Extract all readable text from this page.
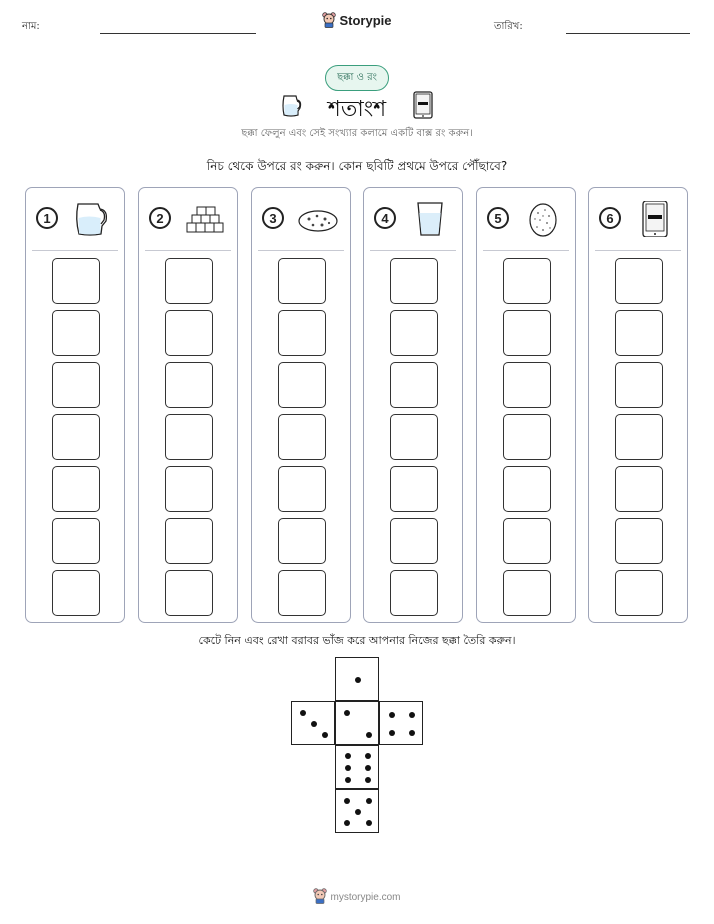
নাম:	Storypie	তারিখ:
ছক্কা ও রং
শতাংশ
ছক্কা ফেলুন এবং সেই সংখ্যার কলামে একটি বাক্স রং করুন।
নিচ থেকে উপরে রং করুন। কোন ছবিটি প্রথমে উপরে পৌঁছাবে?
1	2	3	4	5	6
কেটে নিন এবং রেখা বরাবর ভাঁজ করে আপনার নিজের ছক্কা তৈরি করুন।
mystorypie.com
